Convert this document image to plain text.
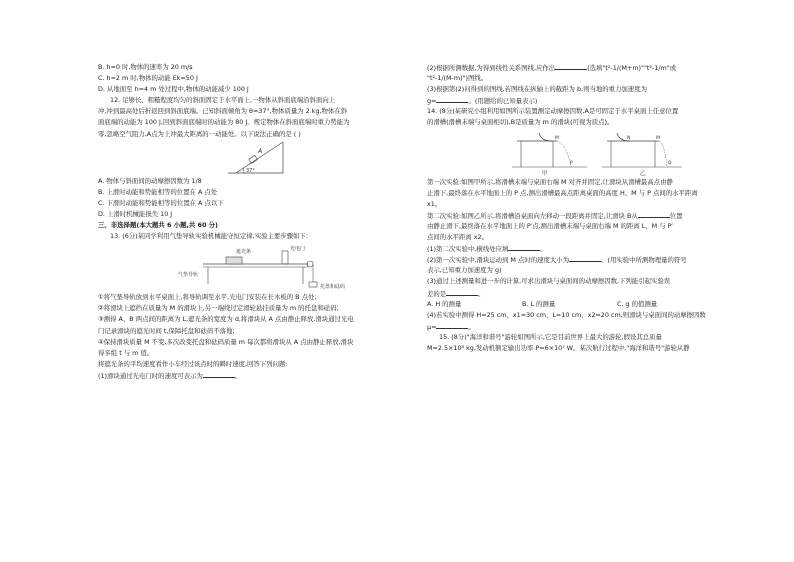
B. h=0 时,物体的速率为 20 m/s
C. h=2 m 时,物体的动能 Ek=50 J
D. 从地面至 h=4 m 处过程中,物体的动能减少 100 J
12. 足够长、粗糙程度均匀的斜面固定于水平面上,一物体从斜面底端沿斜面向上
冲,冲到最高处后折返回到斜面底端。已知斜面倾角为 θ=37°,物体质量为 2 kg,物体在斜
面底端的动能为 100 J,回到斜面底端时的动能为 80 J。规定物体在斜面底端时重力势能为
零,忽略空气阻力,A点为上冲最大距离的一动能处。以下说法正确的是 ( )
A
37°
A. 物体与斜面间的动摩擦因数为 1/8
B. 上滑时动能和势能相等的位置在 A 点处
C. 下滑时动能和势能相等的位置在 A 点以下
D. 上滑时机械能损失 10 J
三、非选择题(本大题共 6 小题,共 60 分)
13. (6分)某同学利用气垫导轨实验机械能守恒定律,实验主要步骤如下:
遮光条	光电门
气垫导轨
托盘和砝码
①将气垫导轨放到水平桌面上,将导轨调至水平,光电门安装在长木板的 B 点处;
②将滑块上遮挡在质量为 M 的滑块上,另一端绕过定滑轮悬挂质量为 m 的托盘和砝码;
③测得 A、B 两点间的距离为 L,遮光条的宽度为 d,将滑块从 A 点由静止释放,滑块通过光电
门记录滑块的遮光时间 t,保障托盘和砝码不落地;
④保持滑块质量 M 不变,多次改变托盘和砝码质量 m 每次都将滑块从 A 点由静止释放,滑块
得多组 t 与 m 值。
将遮光条的平均速度看作小车经过该点时的瞬时速度,回答下列问题:
(1)滑块通过光电门时的速度可表示为	。
(2)根据所测数据,为得到线性关系图线,应作出	(选填"t²-1/(M+m)""t²-1/m"或
"t²-1/(M-m)")图线。
(3)根据第(2)问得到的图线,若图线在纵轴上的截距为 b,则当地的重力加速度为
g=	。(用题给的已知量表示)
14. (8分)某研究小组利用如图所示装置测定动摩擦因数,A是可固定于水平桌面上任意位置
的滑槽(滑槽末端与桌面相切),B是质量为 m 的滑块(可视为质点)。
M
P
甲
N	M
Q
乙
第一次实验:如图甲所示,将滑槽末端与桌面右端 M 对齐并固定,让滑块从滑槽最高点由静
止滑下,最终落在水平地面上的 P 点,测出滑槽最高点距离桌面的高度 H、M 与 P 点间的水平距离
x1。
第二次实验:如图乙所示,将滑槽沿桌面向左移动一段距离并固定,让滑块 B从	位置
由静止滑下,最终落在水平地面上的 P′点,测出滑槽末端与桌面右端 M 的距离 L、M 与 P′
点间的水平距离 x2。
(1)第二次实验中,横线处应填	。
(2)第一次实验中,滑块运动到 M 点时的速度大小为	。(用实验中所测物理量的符号
表示,已知重力加速度为 g)
(3)通过上述测量和进一步的计算,可求出滑块与桌面间的动摩擦因数,下列能引起实验误
差的是	。
A. H 的测量	B. L 的测量	C. g 的值测量
(4)若实验中测得 H=25 cm、x1=30 cm、L=10 cm、x2=20 cm,则滑块与桌面间的动摩擦因数
μ=	。
15. (8分)"海洋和谐号"游轮如图所示,它是目前世界上最大的游轮,假设其总质量
M=2.5×10⁸ kg,发动机额定输出功率 P=6×10⁷ W。某次航行过程中,"海洋和谐号"游轮从静
